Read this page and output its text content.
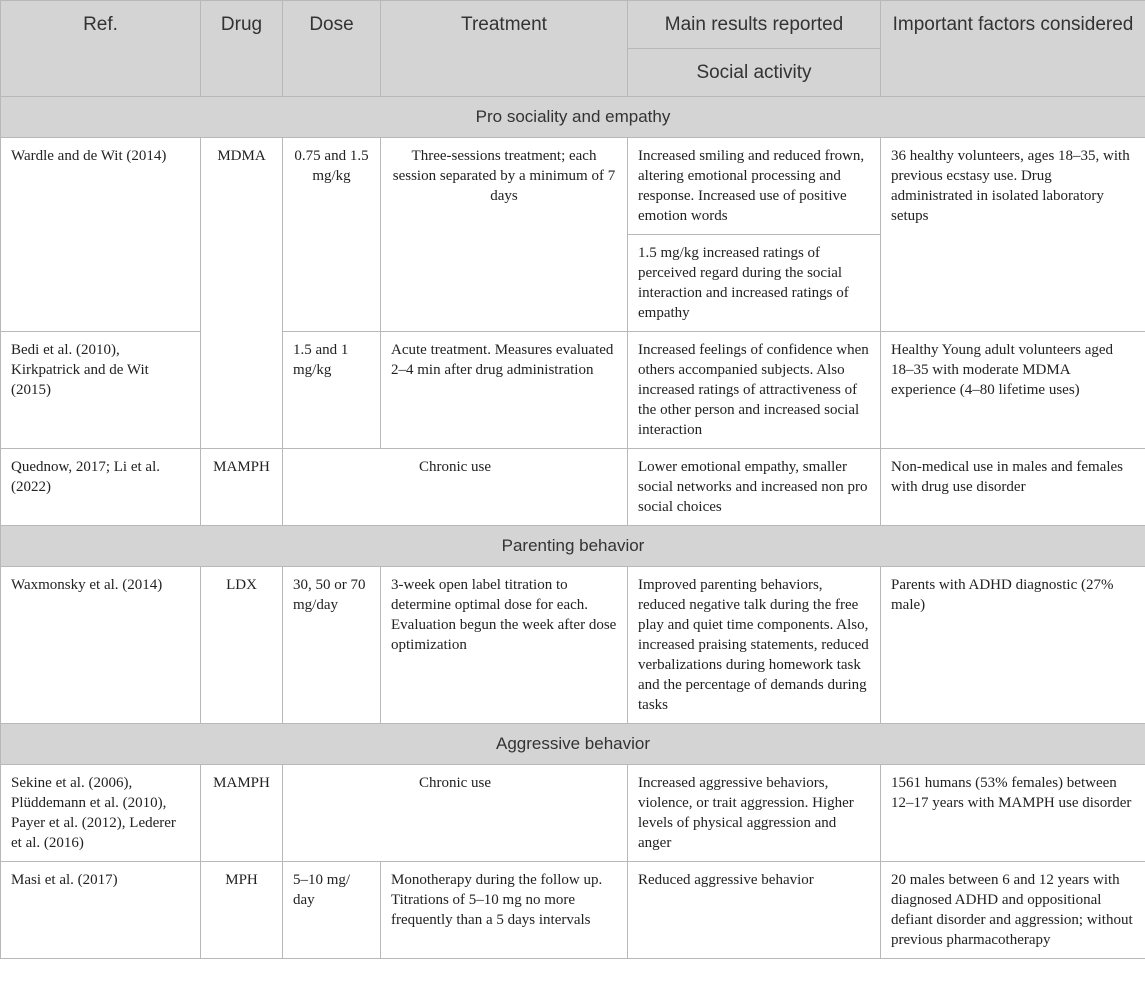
Ref.	Drug	Dose	Treatment	Main results reported	Important factors considered
				Social activity	
Pro sociality and empathy					
Wardle and de Wit (2014)	MDMA	0.75 and 1.5 mg/kg	Three-sessions treatment; each session separated by a minimum of 7 days	Increased smiling and reduced frown, altering emotional processing and response. Increased use of positive emotion words	36 healthy volunteers, ages 18–35, with previous ecstasy use. Drug administrated in isolated laboratory setups
				1.5 mg/kg increased ratings of perceived regard during the social interaction and increased ratings of empathy	
Bedi et al. (2010), Kirkpatrick and de Wit (2015)		1.5 and 1 mg/kg	Acute treatment. Measures evaluated 2–4 min after drug administration	Increased feelings of confidence when others accompanied subjects. Also increased ratings of attractiveness of the other person and increased social interaction	Healthy Young adult volunteers aged 18–35 with moderate MDMA experience (4–80 lifetime uses)
Quednow, 2017; Li et al. (2022)	MAMPH	Chronic use		Lower emotional empathy, smaller social networks and increased non pro social choices	Non-medical use in males and females with drug use disorder
Parenting behavior					
Waxmonsky et al. (2014)	LDX	30, 50 or 70 mg/day	3-week open label titration to determine optimal dose for each. Evaluation begun the week after dose optimization	Improved parenting behaviors, reduced negative talk during the free play and quiet time components. Also, increased praising statements, reduced verbalizations during homework task and the percentage of demands during tasks	Parents with ADHD diagnostic (27% male)
Aggressive behavior					
Sekine et al. (2006), Plüddemann et al. (2010), Payer et al. (2012), Lederer et al. (2016)	MAMPH	Chronic use		Increased aggressive behaviors, violence, or trait aggression. Higher levels of physical aggression and anger	1561 humans (53% females) between 12–17 years with MAMPH use disorder
Masi et al. (2017)	MPH	5–10 mg/ day	Monotherapy during the follow up. Titrations of 5–10 mg no more frequently than a 5 days intervals	Reduced aggressive behavior	20 males between 6 and 12 years with diagnosed ADHD and oppositional defiant disorder and aggression; without previous pharmacotherapy
